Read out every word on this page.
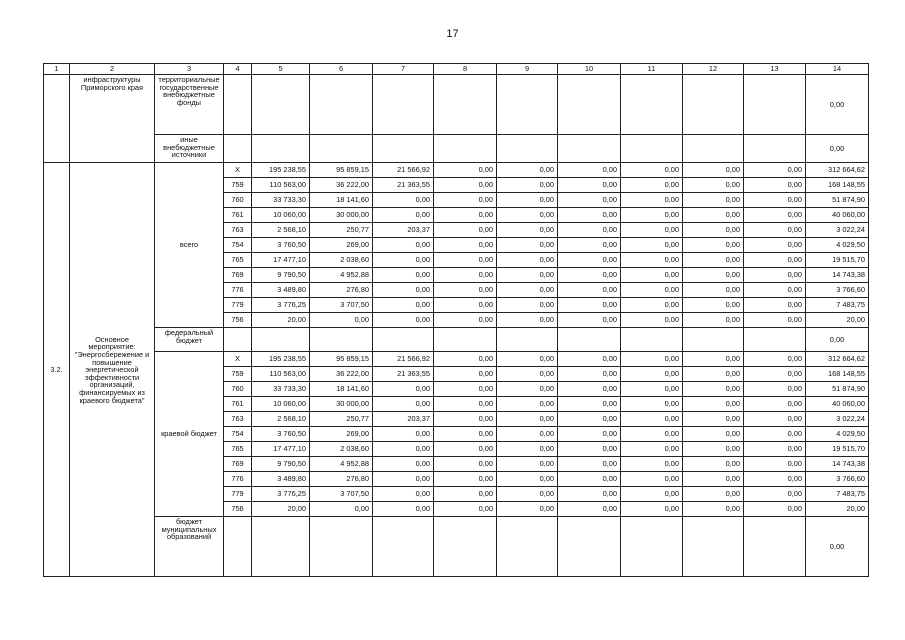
17
1	2	3	4	5	6	7	8	9	10	11	12	13	14
	инфраструктуры Приморского края	территориальные государственные внебюджетные фонды											0,00
		иные внебюджетные источники											0,00
3.2.	Основное мероприятие: "Энергосбережение и повышение энергетической эффективности организаций, финансируемых из краевого бюджета"	всего	X	195 238,55	95 859,15	21 566,92	0,00	0,00	0,00	0,00	0,00	0,00	312 664,62
			759	110 563,00	36 222,00	21 363,55	0,00	0,00	0,00	0,00	0,00	0,00	168 148,55
			760	33 733,30	18 141,60	0,00	0,00	0,00	0,00	0,00	0,00	0,00	51 874,90
			761	10 060,00	30 000,00	0,00	0,00	0,00	0,00	0,00	0,00	0,00	40 060,00
			763	2 568,10	250,77	203,37	0,00	0,00	0,00	0,00	0,00	0,00	3 022,24
			754	3 760,50	269,00	0,00	0,00	0,00	0,00	0,00	0,00	0,00	4 029,50
			765	17 477,10	2 038,60	0,00	0,00	0,00	0,00	0,00	0,00	0,00	19 515,70
			769	9 790,50	4 952,88	0,00	0,00	0,00	0,00	0,00	0,00	0,00	14 743,38
			776	3 489,80	276,80	0,00	0,00	0,00	0,00	0,00	0,00	0,00	3 766,60
			779	3 776,25	3 707,50	0,00	0,00	0,00	0,00	0,00	0,00	0,00	7 483,75
			756	20,00	0,00	0,00	0,00	0,00	0,00	0,00	0,00	0,00	20,00
		федеральный бюджет											0,00
		краевой бюджет	X	195 238,55	95 859,15	21 566,92	0,00	0,00	0,00	0,00	0,00	0,00	312 664,62
			759	110 563,00	36 222,00	21 363,55	0,00	0,00	0,00	0,00	0,00	0,00	168 148,55
			760	33 733,30	18 141,60	0,00	0,00	0,00	0,00	0,00	0,00	0,00	51 874,90
			761	10 060,00	30 000,00	0,00	0,00	0,00	0,00	0,00	0,00	0,00	40 060,00
			763	2 568,10	250,77	203,37	0,00	0,00	0,00	0,00	0,00	0,00	3 022,24
			754	3 760,50	269,00	0,00	0,00	0,00	0,00	0,00	0,00	0,00	4 029,50
			765	17 477,10	2 038,60	0,00	0,00	0,00	0,00	0,00	0,00	0,00	19 515,70
			769	9 790,50	4 952,88	0,00	0,00	0,00	0,00	0,00	0,00	0,00	14 743,38
			776	3 489,80	276,80	0,00	0,00	0,00	0,00	0,00	0,00	0,00	3 766,60
			779	3 776,25	3 707,50	0,00	0,00	0,00	0,00	0,00	0,00	0,00	7 483,75
			756	20,00	0,00	0,00	0,00	0,00	0,00	0,00	0,00	0,00	20,00
		бюджет муниципальных образований											0,00
